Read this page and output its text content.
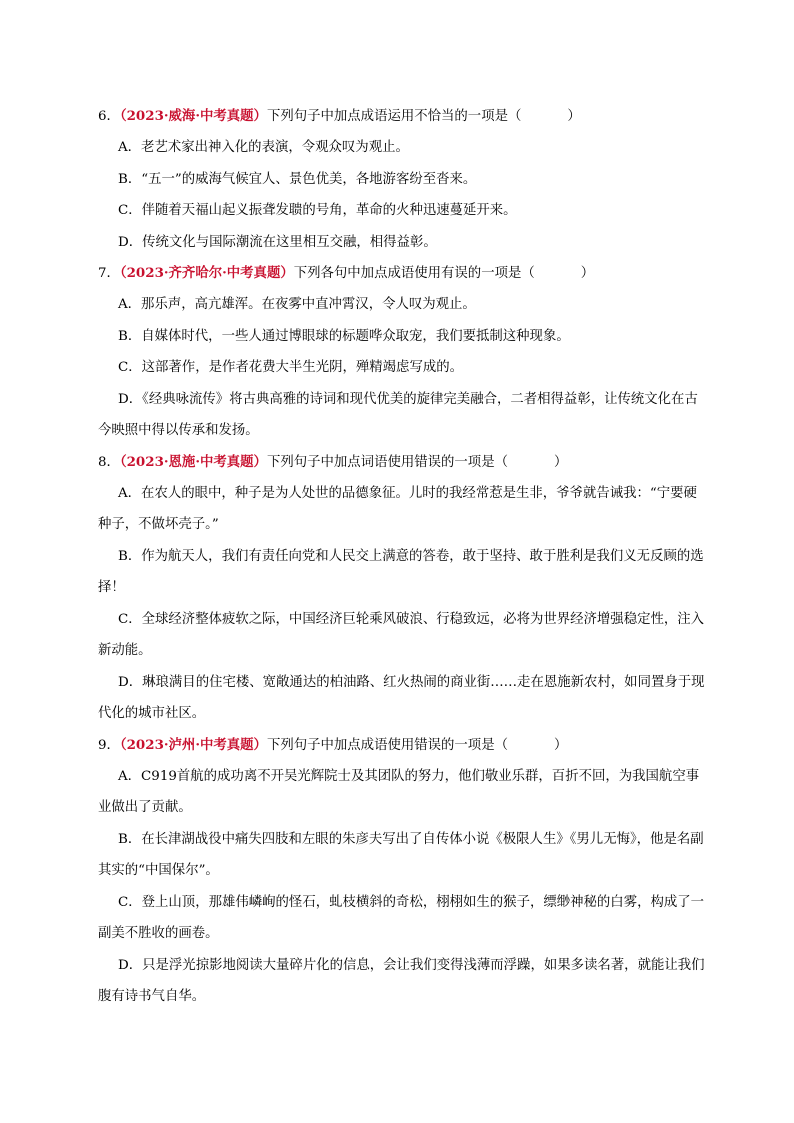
6．（2023·威海·中考真题）下列句子中加点成语运用不恰当的一项是（	）

A．老艺术家出神入化的表演，令观众叹为观止。

B．“五一”的威海气候宜人、景色优美，各地游客纷至沓来。

C．伴随着天福山起义振聋发聩的号角，革命的火种迅速蔓延开来。

D．传统文化与国际潮流在这里相互交融，相得益彰。

7．（2023·齐齐哈尔·中考真题）下列各句中加点成语使用有误的一项是（	）

A．那乐声，高亢雄浑。在夜雾中直冲霄汉，令人叹为观止。

B．自媒体时代，一些人通过博眼球的标题哗众取宠，我们要抵制这种现象。

C．这部著作，是作者花费大半生光阴，殚精竭虑写成的。

D．《经典咏流传》将古典高雅的诗词和现代优美的旋律完美融合，二者相得益彰，让传统文化在古
今映照中得以传承和发扬。

8．（2023·恩施·中考真题）下列句子中加点词语使用错误的一项是（	）

A．在农人的眼中，种子是为人处世的品德象征。儿时的我经常惹是生非，爷爷就告诫我：“宁要硬
种子，不做坏壳子。”
B．作为航天人，我们有责任向党和人民交上满意的答卷，敢于坚持、敢于胜利是我们义无反顾的选
择！
C．全球经济整体疲软之际，中国经济巨轮乘风破浪、行稳致远，必将为世界经济增强稳定性，注入
新动能。
D．琳琅满目的住宅楼、宽敞通达的柏油路、红火热闹的商业街……走在恩施新农村，如同置身于现
代化的城市社区。

9．（2023·泸州·中考真题）下列句子中加点成语使用错误的一项是（	）

A．C919首航的成功离不开吴光辉院士及其团队的努力，他们敬业乐群，百折不回，为我国航空事
业做出了贡献。
B．在长津湖战役中痛失四肢和左眼的朱彦夫写出了自传体小说《极限人生》《男儿无悔》，他是名副
其实的“中国保尔”。
C．登上山顶，那雄伟嶙峋的怪石，虬枝横斜的奇松，栩栩如生的猴子，缥缈神秘的白雾，构成了一
副美不胜收的画卷。
D．只是浮光掠影地阅读大量碎片化的信息，会让我们变得浅薄而浮躁，如果多读名著，就能让我们
腹有诗书气自华。
